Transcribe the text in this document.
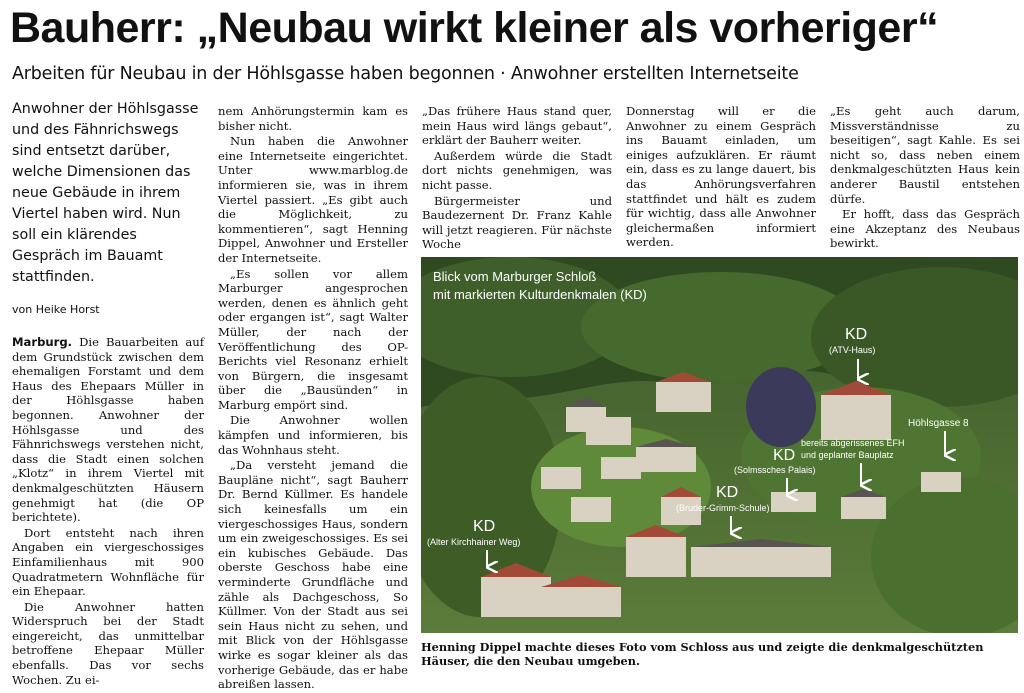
Bauherr: „Neubau wirkt kleiner als vorheriger“
Arbeiten für Neubau in der Höhlsgasse haben begonnen · Anwohner erstellten Internetseite
Anwohner der Höhlsgasse und des Fähnrichswegs sind entsetzt darüber, welche Dimensionen das neue Gebäude in ihrem Viertel haben wird. Nun soll ein klärendes Gespräch im Bauamt stattfinden.
von Heike Horst

Marburg. Die Bauarbeiten auf dem Grundstück zwischen dem ehemaligen Forstamt und dem Haus des Ehepaars Müller in der Höhlsgasse haben begonnen. Anwohner der Höhlsgasse und des Fähnrichswegs verstehen nicht, dass die Stadt einen solchen „Klotz“ in ihrem Viertel mit denkmalgeschützten Häusern genehmigt hat (die OP berichtete).

Dort entsteht nach ihren Angaben ein viergeschossiges Einfamilienhaus mit 900 Quadratmetern Wohnfläche für ein Ehepaar.

Die Anwohner hatten Widerspruch bei der Stadt eingereicht, das unmittelbar betroffene Ehepaar Müller ebenfalls. Das vor sechs Wochen. Zu ei-

nem Anhörungstermin kam es bisher nicht.

Nun haben die Anwohner eine Internetseite eingerichtet. Unter www.marblog.de informieren sie, was in ihrem Viertel passiert. „Es gibt auch die Möglichkeit, zu kommentieren“, sagt Henning Dippel, Anwohner und Ersteller der Internetseite.

„Es sollen vor allem Marburger angesprochen werden, denen es ähnlich geht oder ergangen ist“, sagt Walter Müller, der nach der Veröffentlichung des OP-Berichts viel Resonanz erhielt von Bürgern, die insgesamt über die „Bausünden“ in Marburg empört sind.

Die Anwohner wollen kämpfen und informieren, bis das Wohnhaus steht.

„Da versteht jemand die Baupläne nicht“, sagt Bauherr Dr. Bernd Küllmer. Es handele sich keinesfalls um ein viergeschossiges Haus, sondern um ein zweigeschossiges. Es sei ein kubisches Gebäude. Das oberste Geschoss habe eine verminderte Grundfläche und zähle als Dachgeschoss, So Küllmer. Von der Stadt aus sei sein Haus nicht zu sehen, und mit Blick von der Höhlsgasse wirke es sogar kleiner als das vorherige Gebäude, das er habe abreißen lassen.

„Das frühere Haus stand quer, mein Haus wird längs gebaut“, erklärt der Bauherr weiter.

Außerdem würde die Stadt dort nichts genehmigen, was nicht passe.

Bürgermeister und Baudezernent Dr. Franz Kahle will jetzt reagieren. Für nächste Woche

Donnerstag will er die Anwohner zu einem Gespräch ins Bauamt einladen, um einiges aufzuklären. Er räumt ein, dass es zu lange dauert, bis das Anhörungsverfahren stattfindet und hält es zudem für wichtig, dass alle Anwohner gleichermaßen informiert werden.

„Es geht auch darum, Missverständnisse zu beseitigen“, sagt Kahle. Es sei nicht so, dass neben einem denkmalgeschützten Haus kein anderer Baustil entstehen dürfe.

Er hofft, dass das Gespräch eine Akzeptanz des Neubaus bewirkt.

Blick vom Marburger Schloß
mit markierten Kulturdenkmalen (KD)
KD
(ATV-Haus)
Höhlsgasse 8
bereits abgerissenes EFH
und geplanter Bauplatz
KD
(Solmssches Palais)
KD
(Bruder-Grimm-Schule)
KD
(Alter Kirchhainer Weg)
Henning Dippel machte dieses Foto vom Schloss aus und zeigte die denkmalgeschützten Häuser, die den Neubau umgeben.
